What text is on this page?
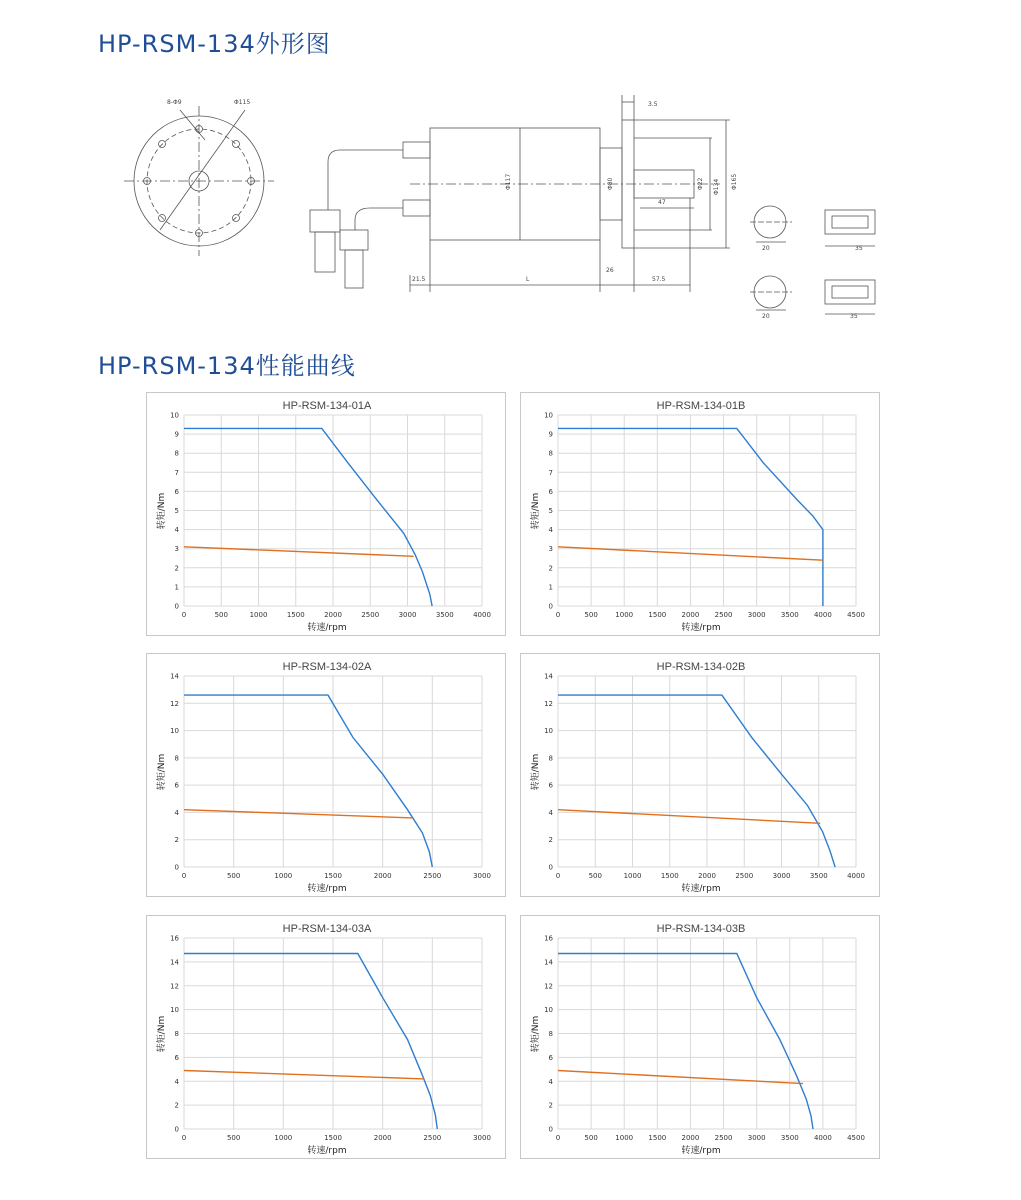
HP-RSM-134外形图
8-Φ9	Φ115	3.5
21.5	L
26
57.5
Φ117	Φ80	Φ22 Φ134 Φ165
47
20	35
20	35
HP-RSM-134性能曲线
HP-RSM-134-01A
0	500	1000	1500	2000	2500	3000	3500	4000
0
1
2
3
4
5
6
7
8
9
10
转速/rpm
转矩/Nm
HP-RSM-134-01B
0	500	1000 1500 2000 2500 3000 3500 4000 4500
0
1
2
3
4
5
6
7
8
9
10
转速/rpm
转矩/Nm
HP-RSM-134-02A
0	500	1000	1500	2000	2500	3000
0
2
4
6
8
10
12
14
转速/rpm
转矩/Nm
HP-RSM-134-02B
0	500	1000	1500	2000	2500	3000	3500	4000
0
2
4
6
8
10
12
14
转速/rpm
转矩/Nm
HP-RSM-134-03A
0	500	1000	1500	2000	2500	3000
0
2
4
6
8
10
12
14
16
转速/rpm
转矩/Nm
HP-RSM-134-03B
0	500	1000 1500 2000 2500 3000 3500 4000 4500
0
2
4
6
8
10
12
14
16
转速/rpm
转矩/Nm
